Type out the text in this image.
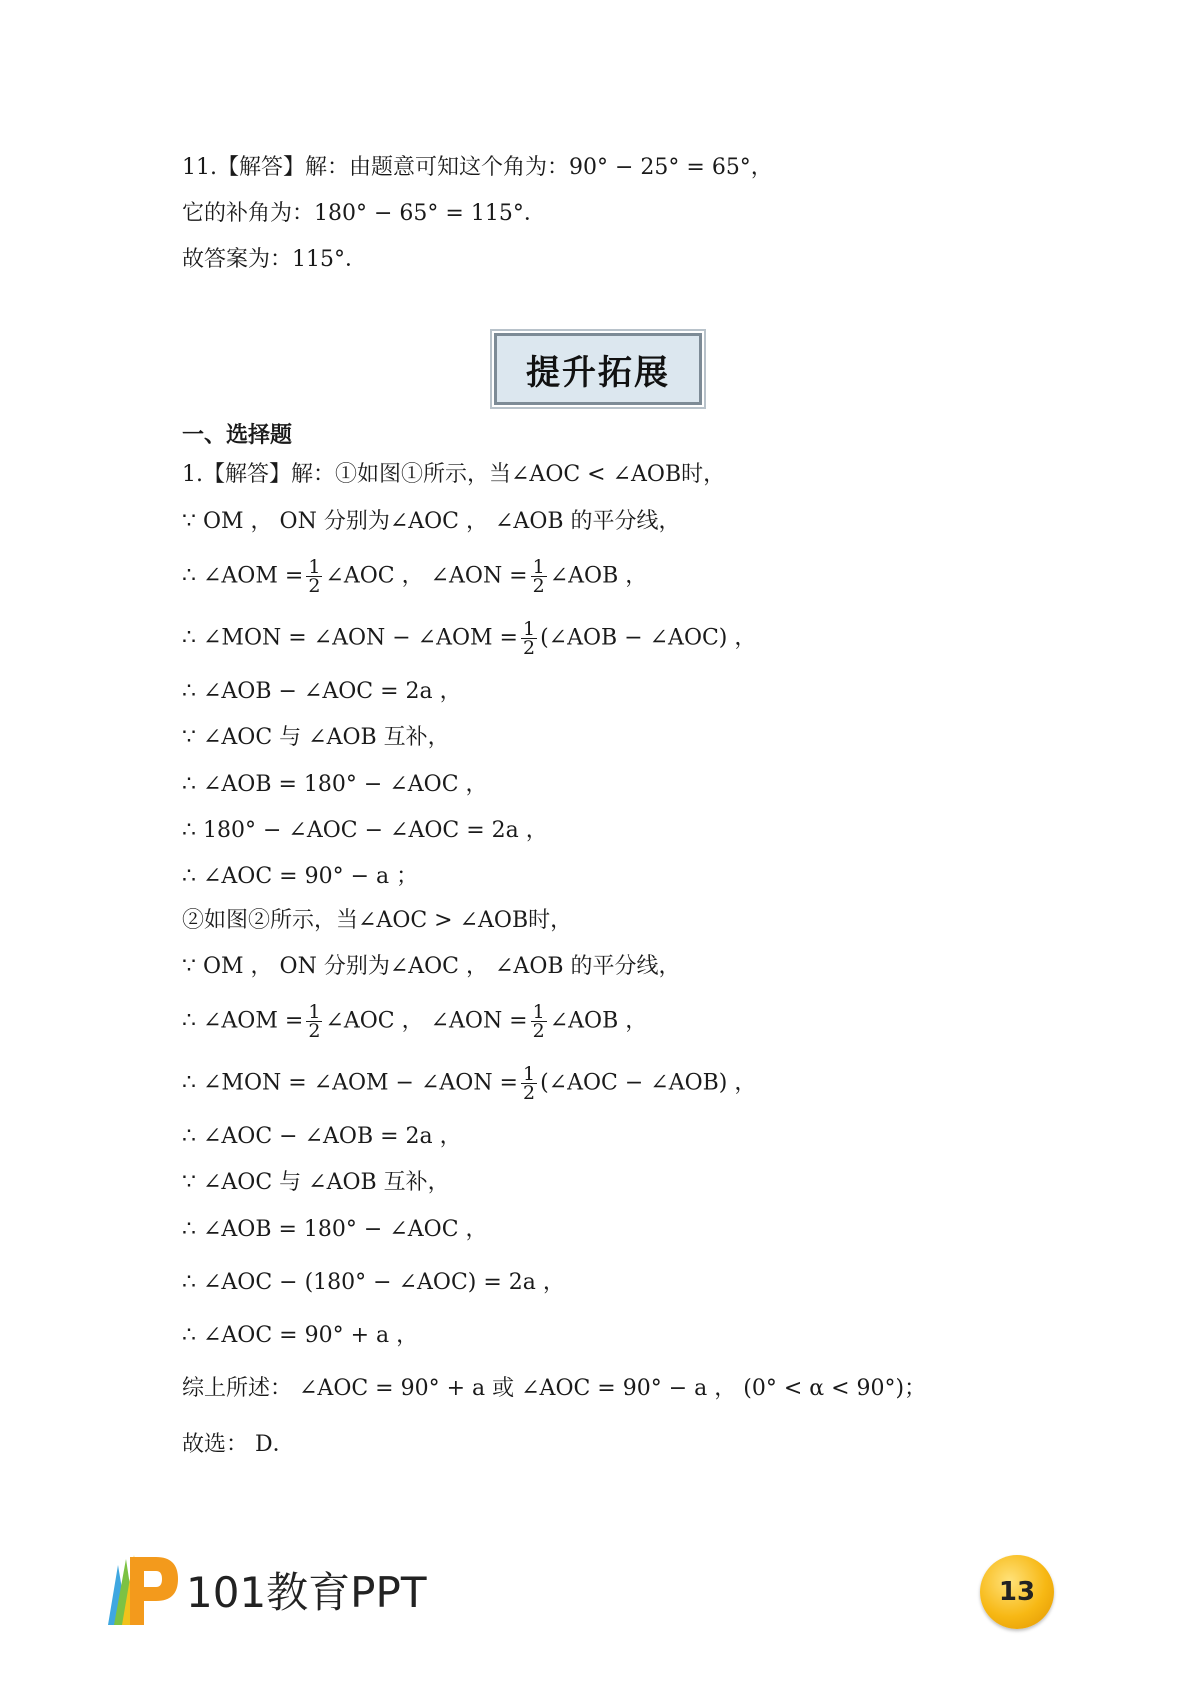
11.【解答】解：由题意可知这个角为：90° − 25° = 65°，
它的补角为：180° − 65° = 115°．
故答案为：115°．
提升拓展
一、选择题
1.【解答】解：①如图①所示，当∠AOC < ∠AOB时，
∵ OM ， ON 分别为∠AOC ， ∠AOB 的平分线，
∴ ∠AOM = $\frac{1}{2}$ ∠AOC ， ∠AON = $\frac{1}{2}$ ∠AOB ，
∴ ∠MON = ∠AON − ∠AOM = $\frac{1}{2}$ (∠AOB − ∠AOC) ，
∴ ∠AOB − ∠AOC = 2a ，
∵ ∠AOC 与 ∠AOB 互补，
∴ ∠AOB = 180° − ∠AOC ，
∴ 180° − ∠AOC − ∠AOC = 2a ，
∴ ∠AOC = 90° − a ；
②如图②所示，当∠AOC > ∠AOB时，
∵ OM ， ON 分别为∠AOC ， ∠AOB 的平分线，
∴ ∠AOM = $\frac{1}{2}$ ∠AOC ， ∠AON = $\frac{1}{2}$ ∠AOB ，
∴ ∠MON = ∠AOM − ∠AON = $\frac{1}{2}$ (∠AOC − ∠AOB) ，
∴ ∠AOC − ∠AOB = 2a ，
∵ ∠AOC 与 ∠AOB 互补，
∴ ∠AOB = 180° − ∠AOC ，
∴ ∠AOC − (180° − ∠AOC) = 2a ，
∴ ∠AOC = 90° + a ，
综上所述： ∠AOC = 90° + a 或 ∠AOC = 90° − a ， (0° < α < 90°)；
故选： D．
101教育PPT	13
